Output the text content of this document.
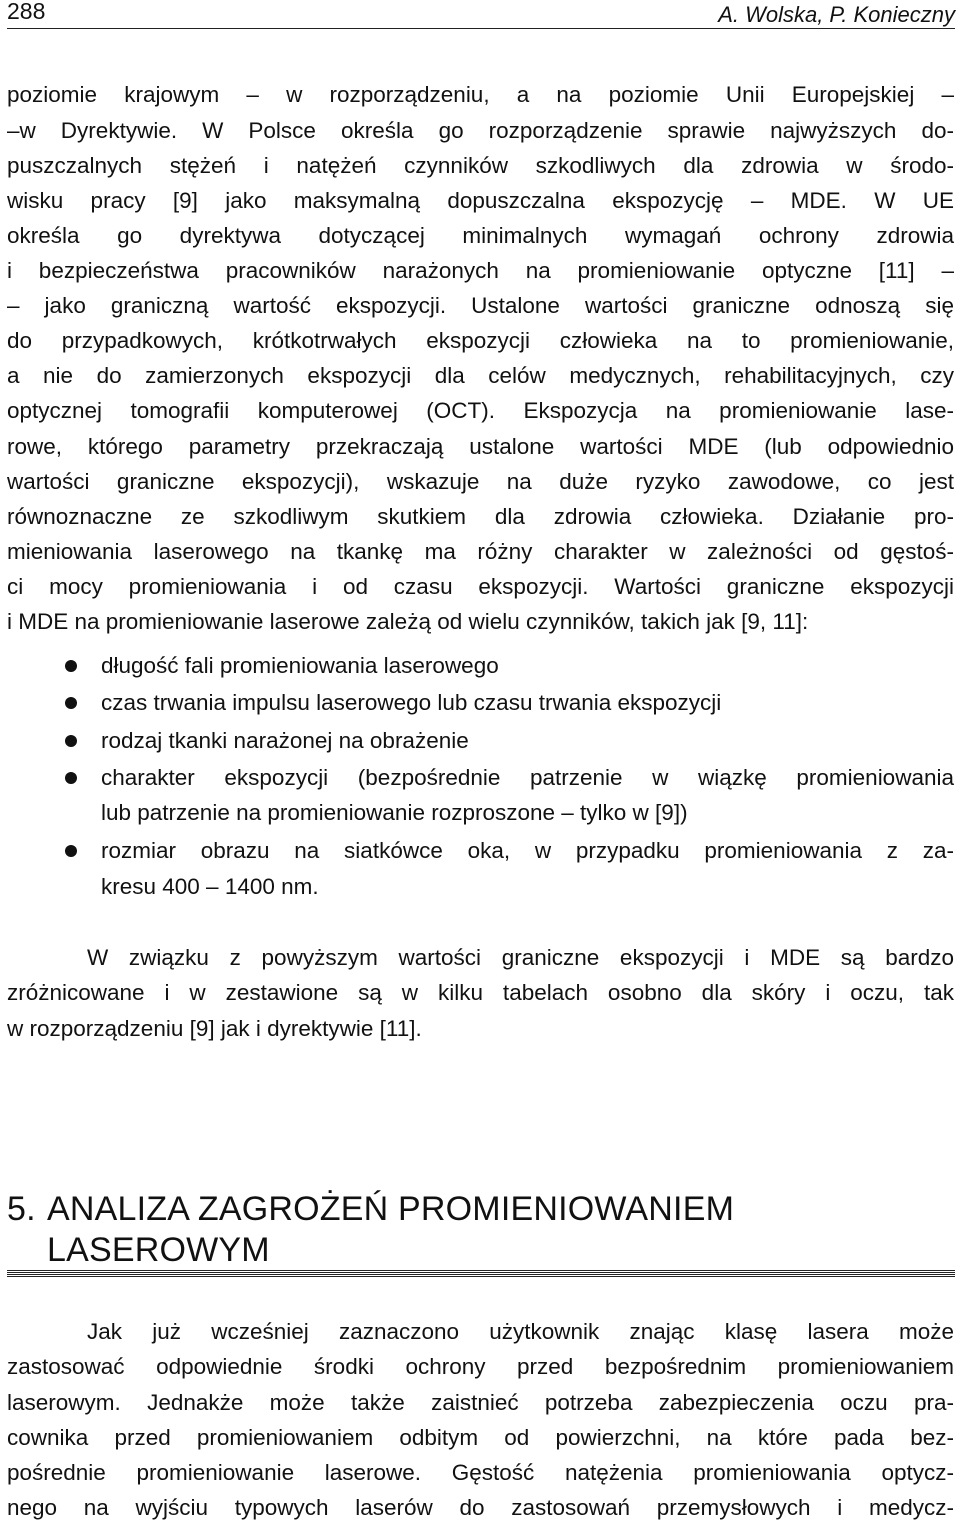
288	A. Wolska, P. Konieczny
poziomie krajowym – w rozporządzeniu, a na poziomie Unii Europejskiej –
–w Dyrektywie. W Polsce określa go rozporządzenie sprawie najwyższych do-
puszczalnych stężeń i natężeń czynników szkodliwych dla zdrowia w środo-
wisku pracy [9] jako maksymalną dopuszczalna ekspozycję – MDE. W UE
określa go dyrektywa dotyczącej minimalnych wymagań ochrony zdrowia
i bezpieczeństwa pracowników narażonych na promieniowanie optyczne [11] –
– jako graniczną wartość ekspozycji. Ustalone wartości graniczne odnoszą się
do przypadkowych, krótkotrwałych ekspozycji człowieka na to promieniowanie,
a nie do zamierzonych ekspozycji dla celów medycznych, rehabilitacyjnych, czy
optycznej tomografii komputerowej (OCT). Ekspozycja na promieniowanie lase-
rowe, którego parametry przekraczają ustalone wartości MDE (lub odpowiednio
wartości graniczne ekspozycji), wskazuje na duże ryzyko zawodowe, co jest
równoznaczne ze szkodliwym skutkiem dla zdrowia człowieka. Działanie pro-
mieniowania laserowego na tkankę ma różny charakter w zależności od gęstoś-
ci mocy promieniowania i od czasu ekspozycji. Wartości graniczne ekspozycji
i MDE na promieniowanie laserowe zależą od wielu czynników, takich jak [9, 11]:
długość fali promieniowania laserowego
czas trwania impulsu laserowego lub czasu trwania ekspozycji
rodzaj tkanki narażonej na obrażenie
charakter ekspozycji (bezpośrednie patrzenie w wiązkę promieniowania
lub patrzenie na promieniowanie rozproszone – tylko w [9])
rozmiar obrazu na siatkówce oka, w przypadku promieniowania z za-
kresu 400 – 1400 nm.
W związku z powyższym wartości graniczne ekspozycji i MDE są bardzo
zróżnicowane i w zestawione są w kilku tabelach osobno dla skóry i oczu, tak
w rozporządzeniu [9] jak i dyrektywie [11].
5. ANALIZA ZAGROŻEŃ PROMIENIOWANIEM
LASEROWYM
Jak już wcześniej zaznaczono użytkownik znając klasę lasera może
zastosować odpowiednie środki ochrony przed bezpośrednim promieniowaniem
laserowym. Jednakże może także zaistnieć potrzeba zabezpieczenia oczu pra-
cownika przed promieniowaniem odbitym od powierzchni, na które pada bez-
pośrednie promieniowanie laserowe. Gęstość natężenia promieniowania optycz-
nego na wyjściu typowych laserów do zastosowań przemysłowych i medycz-
